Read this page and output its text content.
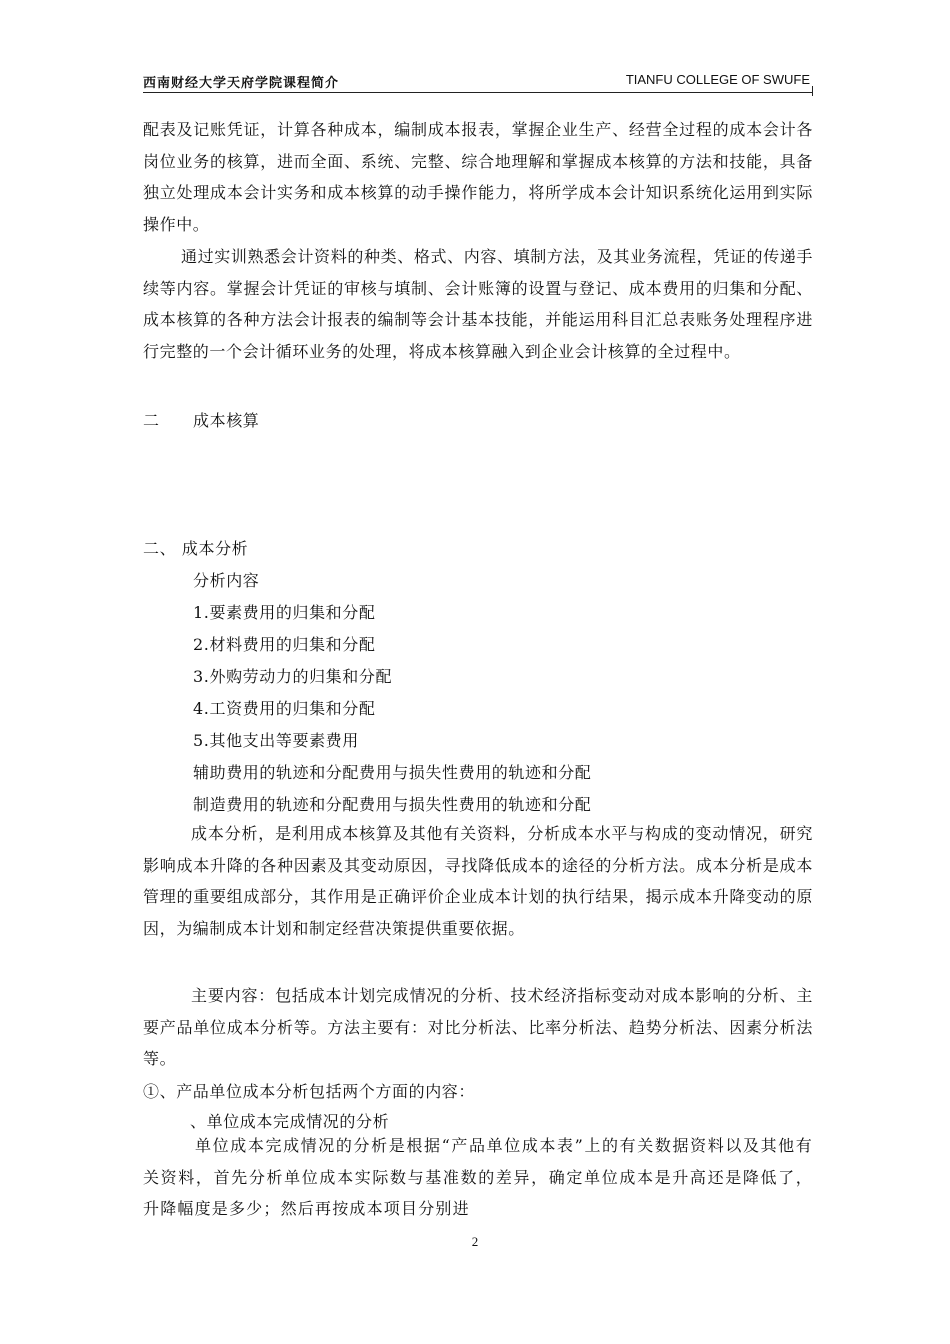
西南财经大学天府学院课程简介	TIANFU COLLEGE OF SWUFE

配表及记账凭证，计算各种成本，编制成本报表，掌握企业生产、经营全过程的成本会计各岗位业务的核算，进而全面、系统、完整、综合地理解和掌握成本核算的方法和技能，具备独立处理成本会计实务和成本核算的动手操作能力，将所学成本会计知识系统化运用到实际操作中。

通过实训熟悉会计资料的种类、格式、内容、填制方法，及其业务流程，凭证的传递手续等内容。掌握会计凭证的审核与填制、会计账簿的设置与登记、成本费用的归集和分配、成本核算的各种方法会计报表的编制等会计基本技能，并能运用科目汇总表账务处理程序进行完整的一个会计循环业务的处理，将成本核算融入到企业会计核算的全过程中。

二 成本核算

二、 成本分析

分析内容

1.要素费用的归集和分配

2.材料费用的归集和分配

3.外购劳动力的归集和分配

4.工资费用的归集和分配

5.其他支出等要素费用

辅助费用的轨迹和分配费用与损失性费用的轨迹和分配

制造费用的轨迹和分配费用与损失性费用的轨迹和分配

成本分析，是利用成本核算及其他有关资料，分析成本水平与构成的变动情况，研究影响成本升降的各种因素及其变动原因，寻找降低成本的途径的分析方法。成本分析是成本管理的重要组成部分，其作用是正确评价企业成本计划的执行结果，揭示成本升降变动的原因，为编制成本计划和制定经营决策提供重要依据。

主要内容：包括成本计划完成情况的分析、技术经济指标变动对成本影响的分析、主要产品单位成本分析等。方法主要有：对比分析法、比率分析法、趋势分析法、因素分析法等。

①、产品单位成本分析包括两个方面的内容：

、单位成本完成情况的分析

单位成本完成情况的分析是根据“产品单位成本表”上的有关数据资料以及其他有关资料，首先分析单位成本实际数与基准数的差异，确定单位成本是升高还是降低了，升降幅度是多少；然后再按成本项目分别进

2
